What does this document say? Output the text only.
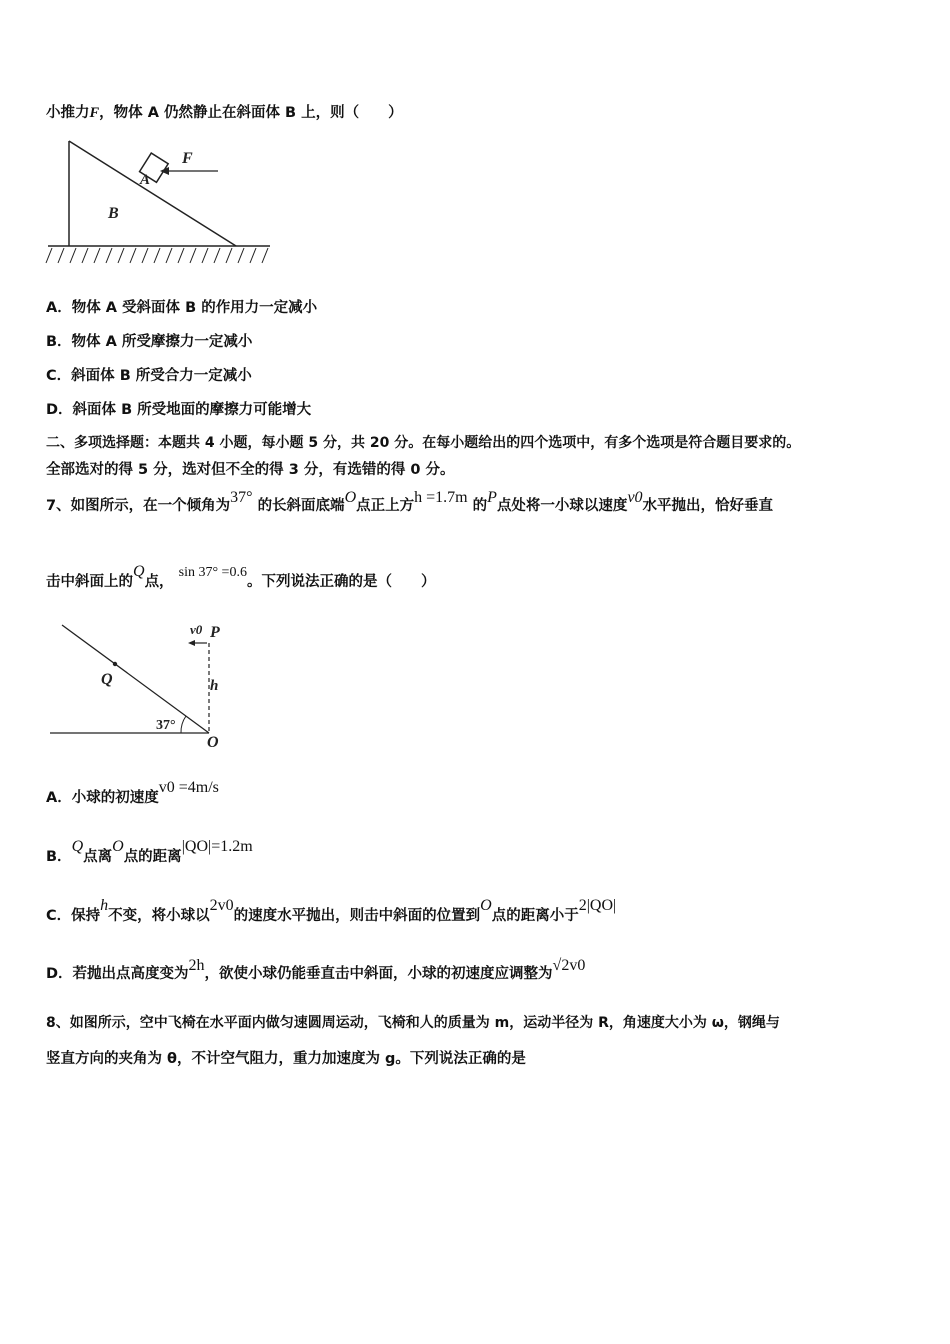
小推力F，物体 A 仍然静止在斜面体 B 上，则（　　）
A
F
B
A．物体 A 受斜面体 B 的作用力一定减小
B．物体 A 所受摩擦力一定减小
C．斜面体 B 所受合力一定减小
D．斜面体 B 所受地面的摩擦力可能增大
二、多项选择题：本题共 4 小题，每小题 5 分，共 20 分。在每小题给出的四个选项中，有多个选项是符合题目要求的。
全部选对的得 5 分，选对但不全的得 3 分，有选错的得 0 分。
7、如图所示，在一个倾角为37° 的长斜面底端O点正上方h =1.7m 的P点处将一小球以速度v0水平抛出，恰好垂直
击中斜面上的Q点， sin 37° =0.6。下列说法正确的是（　　）
v0 P
Q	h
37°
O
A．小球的初速度v0 =4m/s
B．Q点离O点的距离|QO|=1.2m
C．保持h不变，将小球以2v0的速度水平抛出，则击中斜面的位置到O点的距离小于2|QO|
D．若抛出点高度变为2h，欲使小球仍能垂直击中斜面，小球的初速度应调整为√2v0
8、如图所示，空中飞椅在水平面内做匀速圆周运动，飞椅和人的质量为 m，运动半径为 R，角速度大小为 ω，钢绳与
竖直方向的夹角为 θ，不计空气阻力，重力加速度为 g。下列说法正确的是
